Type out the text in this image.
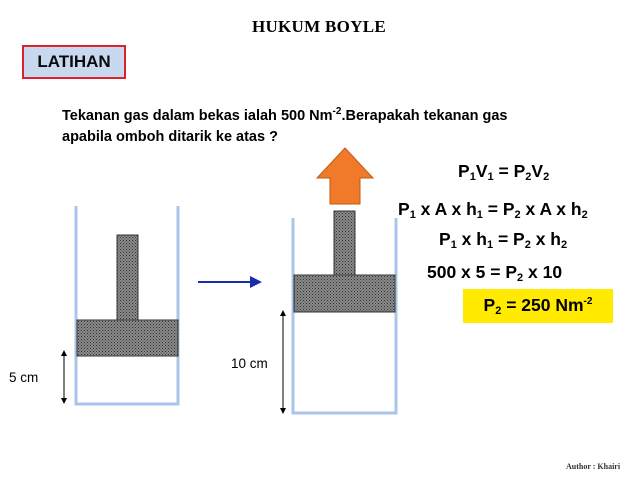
HUKUM BOYLE
LATIHAN
Tekanan gas dalam bekas ialah 500 $Nm^{-2}.Berapakah$ tekanan gas
apabila omboh ditarik ke atas ?
5 cm
10 cm
$P_1V_1 = P_2V_2$
$P_1$ x A x $h_1 = P_2$ x A x $h_2$
$P_1$ x $h_1 = P_2$ x $h_2$
500 x $5 = P_2$ x 10
$P_2 = 250$ $Nm^{-2}$
Author : Khairi
